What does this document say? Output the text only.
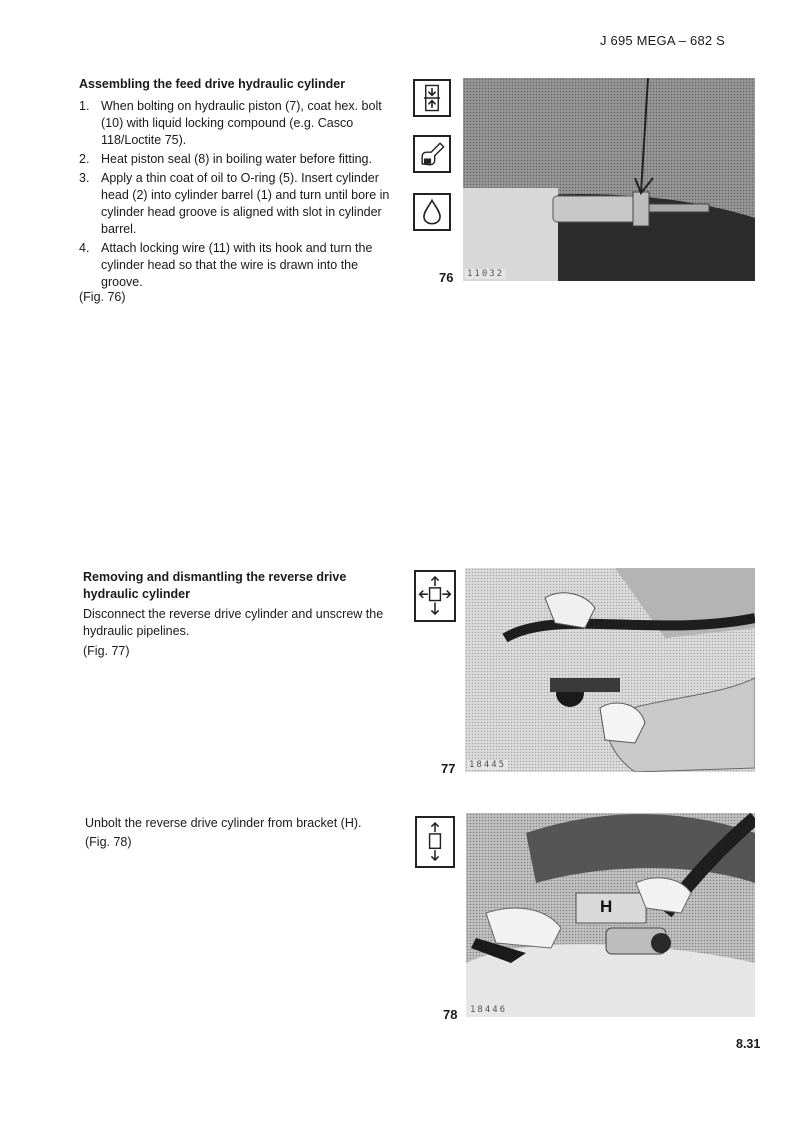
J 695 MEGA – 682 S
Assembling the feed drive hydraulic cylinder
1. When bolting on hydraulic piston (7), coat hex. bolt (10) with liquid locking compound (e.g. Casco 118/Loctite 75).
2. Heat piston seal (8) in boiling water before fitting.
3. Apply a thin coat of oil to O-ring (5). Insert cylinder head (2) into cylinder barrel (1) and turn until bore in cylinder head groove is aligned with slot in cylinder barrel.
4. Attach locking wire (11) with its hook and turn the cylinder head so that the wire is drawn into the groove.
(Fig. 76)
76 11032
Removing and dismantling the reverse drive
hydraulic cylinder
Disconnect the reverse drive cylinder and unscrew the hydraulic pipelines.
(Fig. 77)
77 18445
Unbolt the reverse drive cylinder from bracket (H).
(Fig. 78)
78
H
18446
8.31
